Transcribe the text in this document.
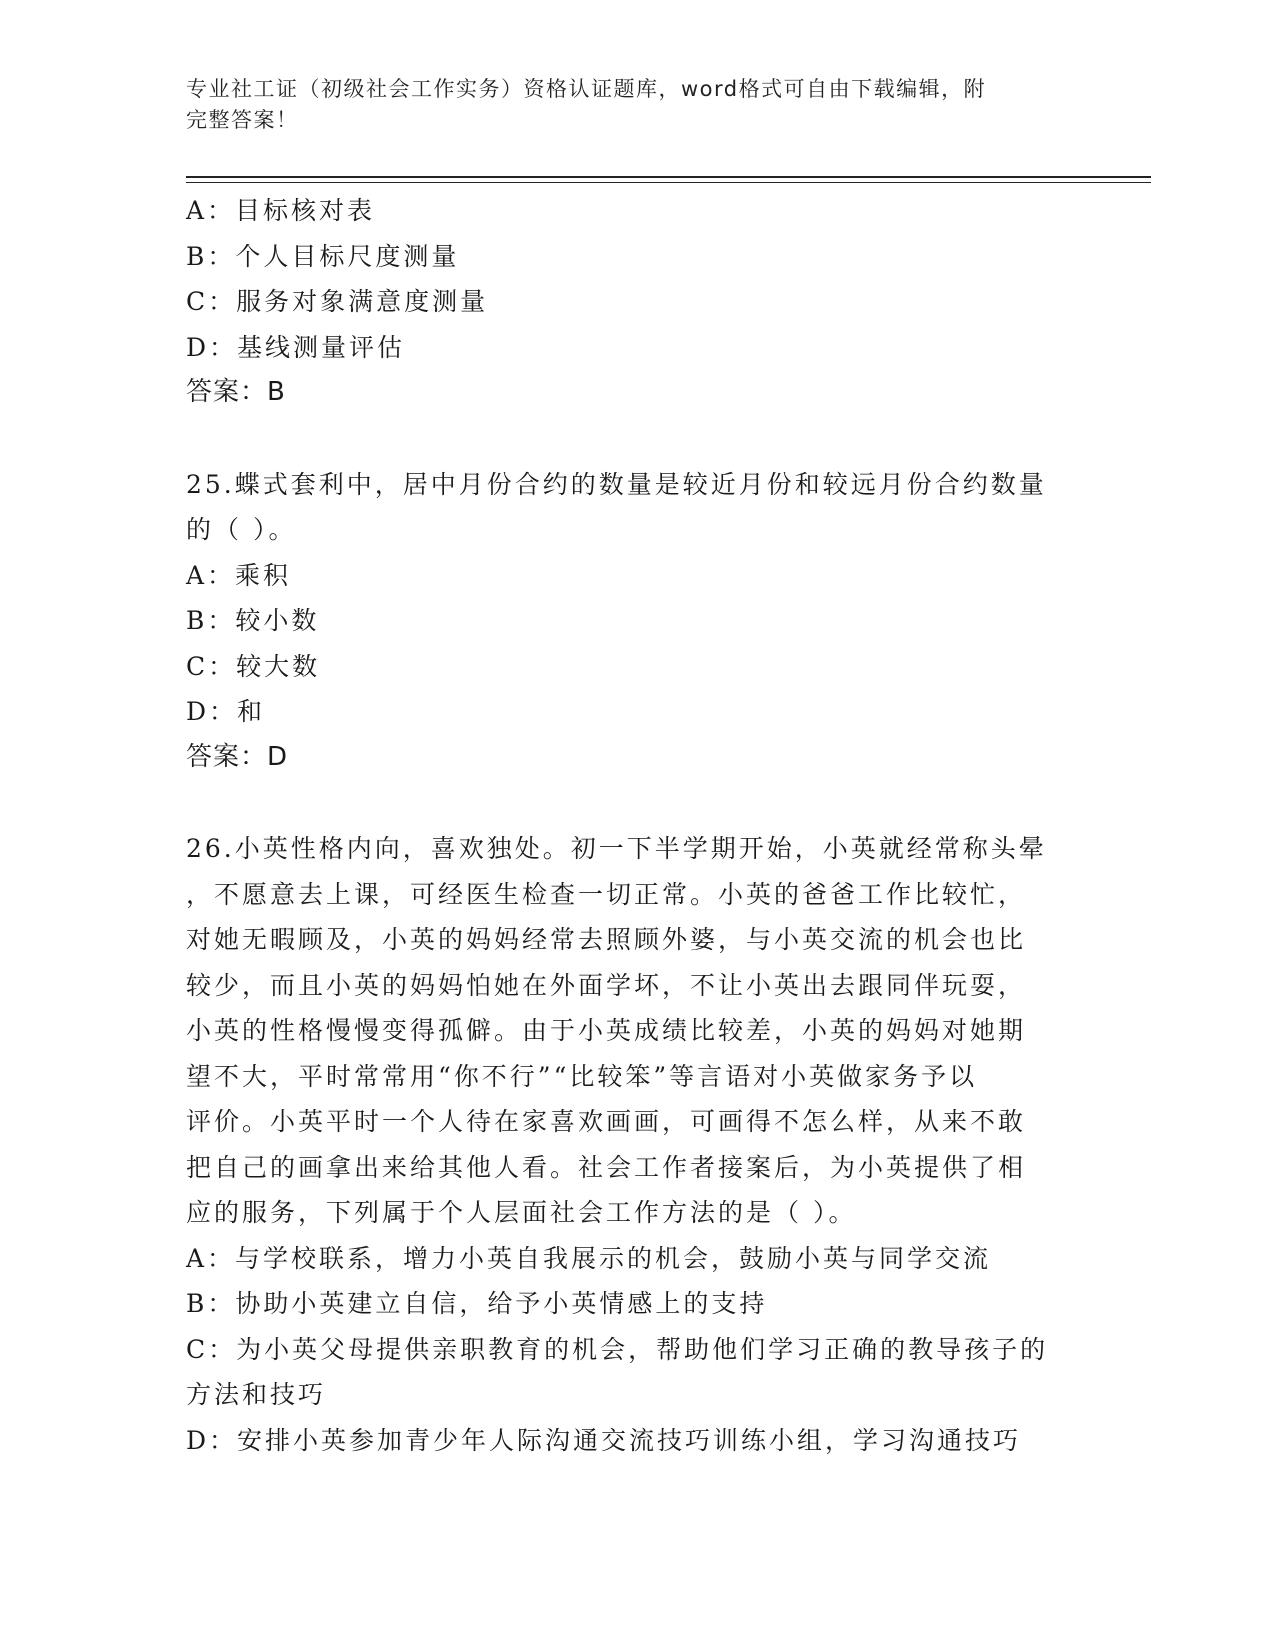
专业社工证（初级社会工作实务）资格认证题库，word格式可自由下载编辑，附
完整答案！
A：目标核对表
B：个人目标尺度测量
C：服务对象满意度测量
D：基线测量评估
答案：B
25.蝶式套利中，居中月份合约的数量是较近月份和较远月份合约数量
的（ ）。
A：乘积
B：较小数
C：较大数
D：和
答案：D
26.小英性格内向，喜欢独处。初一下半学期开始，小英就经常称头晕
，不愿意去上课，可经医生检查一切正常。小英的爸爸工作比较忙，
对她无暇顾及，小英的妈妈经常去照顾外婆，与小英交流的机会也比
较少，而且小英的妈妈怕她在外面学坏，不让小英出去跟同伴玩耍，
小英的性格慢慢变得孤僻。由于小英成绩比较差，小英的妈妈对她期
望不大，平时常常用“你不行”“比较笨”等言语对小英做家务予以
评价。小英平时一个人待在家喜欢画画，可画得不怎么样，从来不敢
把自己的画拿出来给其他人看。社会工作者接案后，为小英提供了相
应的服务，下列属于个人层面社会工作方法的是（ ）。
A：与学校联系，增力小英自我展示的机会，鼓励小英与同学交流
B：协助小英建立自信，给予小英情感上的支持
C：为小英父母提供亲职教育的机会，帮助他们学习正确的教导孩子的
方法和技巧
D：安排小英参加青少年人际沟通交流技巧训练小组，学习沟通技巧
